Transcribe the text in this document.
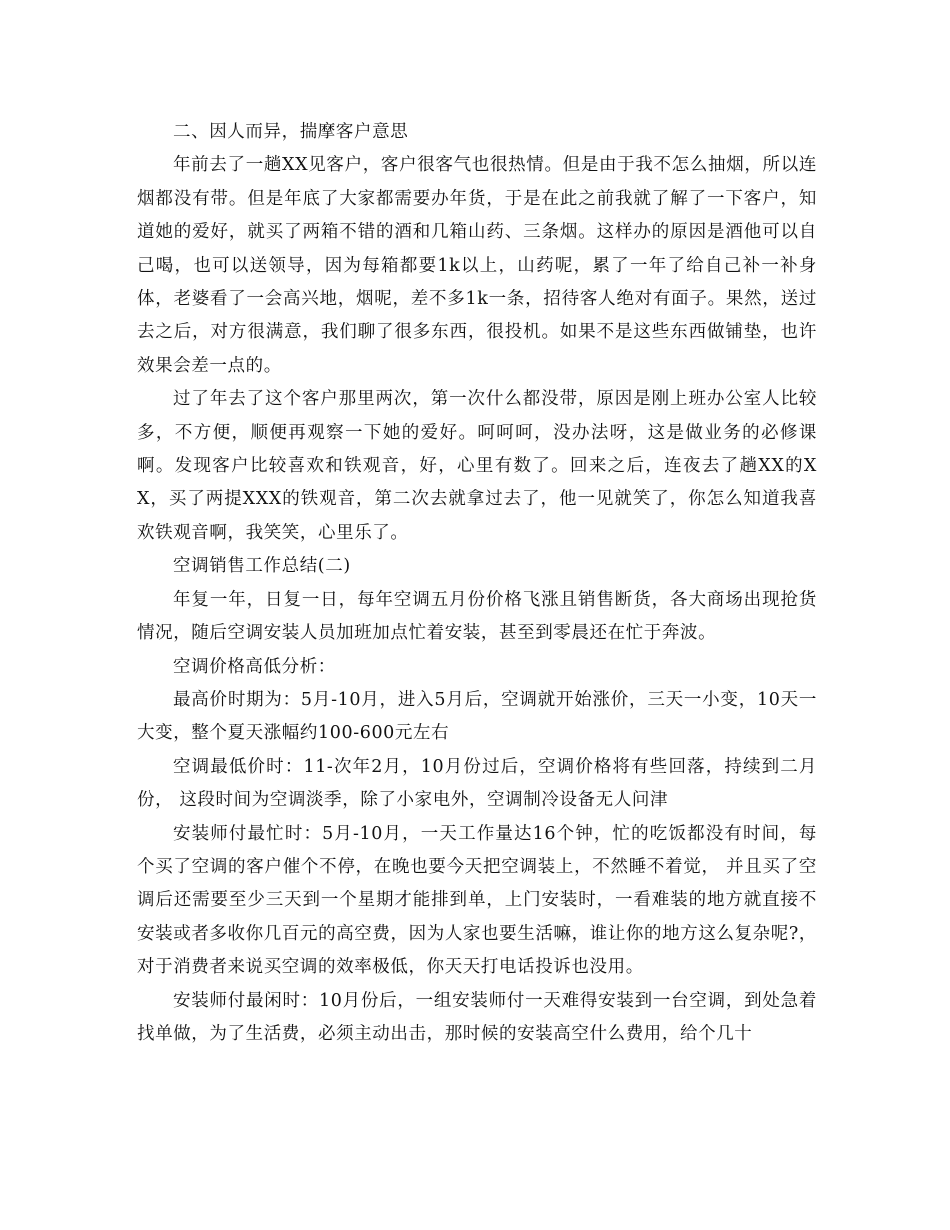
二、因人而异，揣摩客户意思

年前去了一趟XX见客户，客户很客气也很热情。但是由于我不怎么抽烟，所以连烟都没有带。但是年底了大家都需要办年货，于是在此之前我就了解了一下客户，知道她的爱好，就买了两箱不错的酒和几箱山药、三条烟。这样办的原因是酒他可以自己喝，也可以送领导，因为每箱都要1k以上，山药呢，累了一年了给自己补一补身体，老婆看了一会高兴地，烟呢，差不多1k一条，招待客人绝对有面子。果然，送过去之后，对方很满意，我们聊了很多东西，很投机。如果不是这些东西做铺垫，也许效果会差一点的。

过了年去了这个客户那里两次，第一次什么都没带，原因是刚上班办公室人比较多，不方便，顺便再观察一下她的爱好。呵呵呵，没办法呀，这是做业务的必修课啊。发现客户比较喜欢和铁观音，好，心里有数了。回来之后，连夜去了趟XX的XX，买了两提XXX的铁观音，第二次去就拿过去了，他一见就笑了，你怎么知道我喜欢铁观音啊，我笑笑，心里乐了。

空调销售工作总结(二)

年复一年，日复一日，每年空调五月份价格飞涨且销售断货，各大商场出现抢货情况，随后空调安装人员加班加点忙着安装，甚至到零晨还在忙于奔波。

空调价格高低分析：

最高价时期为：5月-10月，进入5月后，空调就开始涨价，三天一小变，10天一大变，整个夏天涨幅约100-600元左右

空调最低价时：11-次年2月，10月份过后，空调价格将有些回落，持续到二月份， 这段时间为空调淡季，除了小家电外，空调制冷设备无人问津

安装师付最忙时：5月-10月，一天工作量达16个钟，忙的吃饭都没有时间，每个买了空调的客户催个不停，在晚也要今天把空调装上，不然睡不着觉， 并且买了空调后还需要至少三天到一个星期才能排到单，上门安装时，一看难装的地方就直接不安装或者多收你几百元的高空费，因为人家也要生活嘛，谁让你的地方这么复杂呢?，对于消费者来说买空调的效率极低，你天天打电话投诉也没用。

安装师付最闲时：10月份后，一组安装师付一天难得安装到一台空调，到处急着找单做，为了生活费，必须主动出击，那时候的安装高空什么费用，给个几十
